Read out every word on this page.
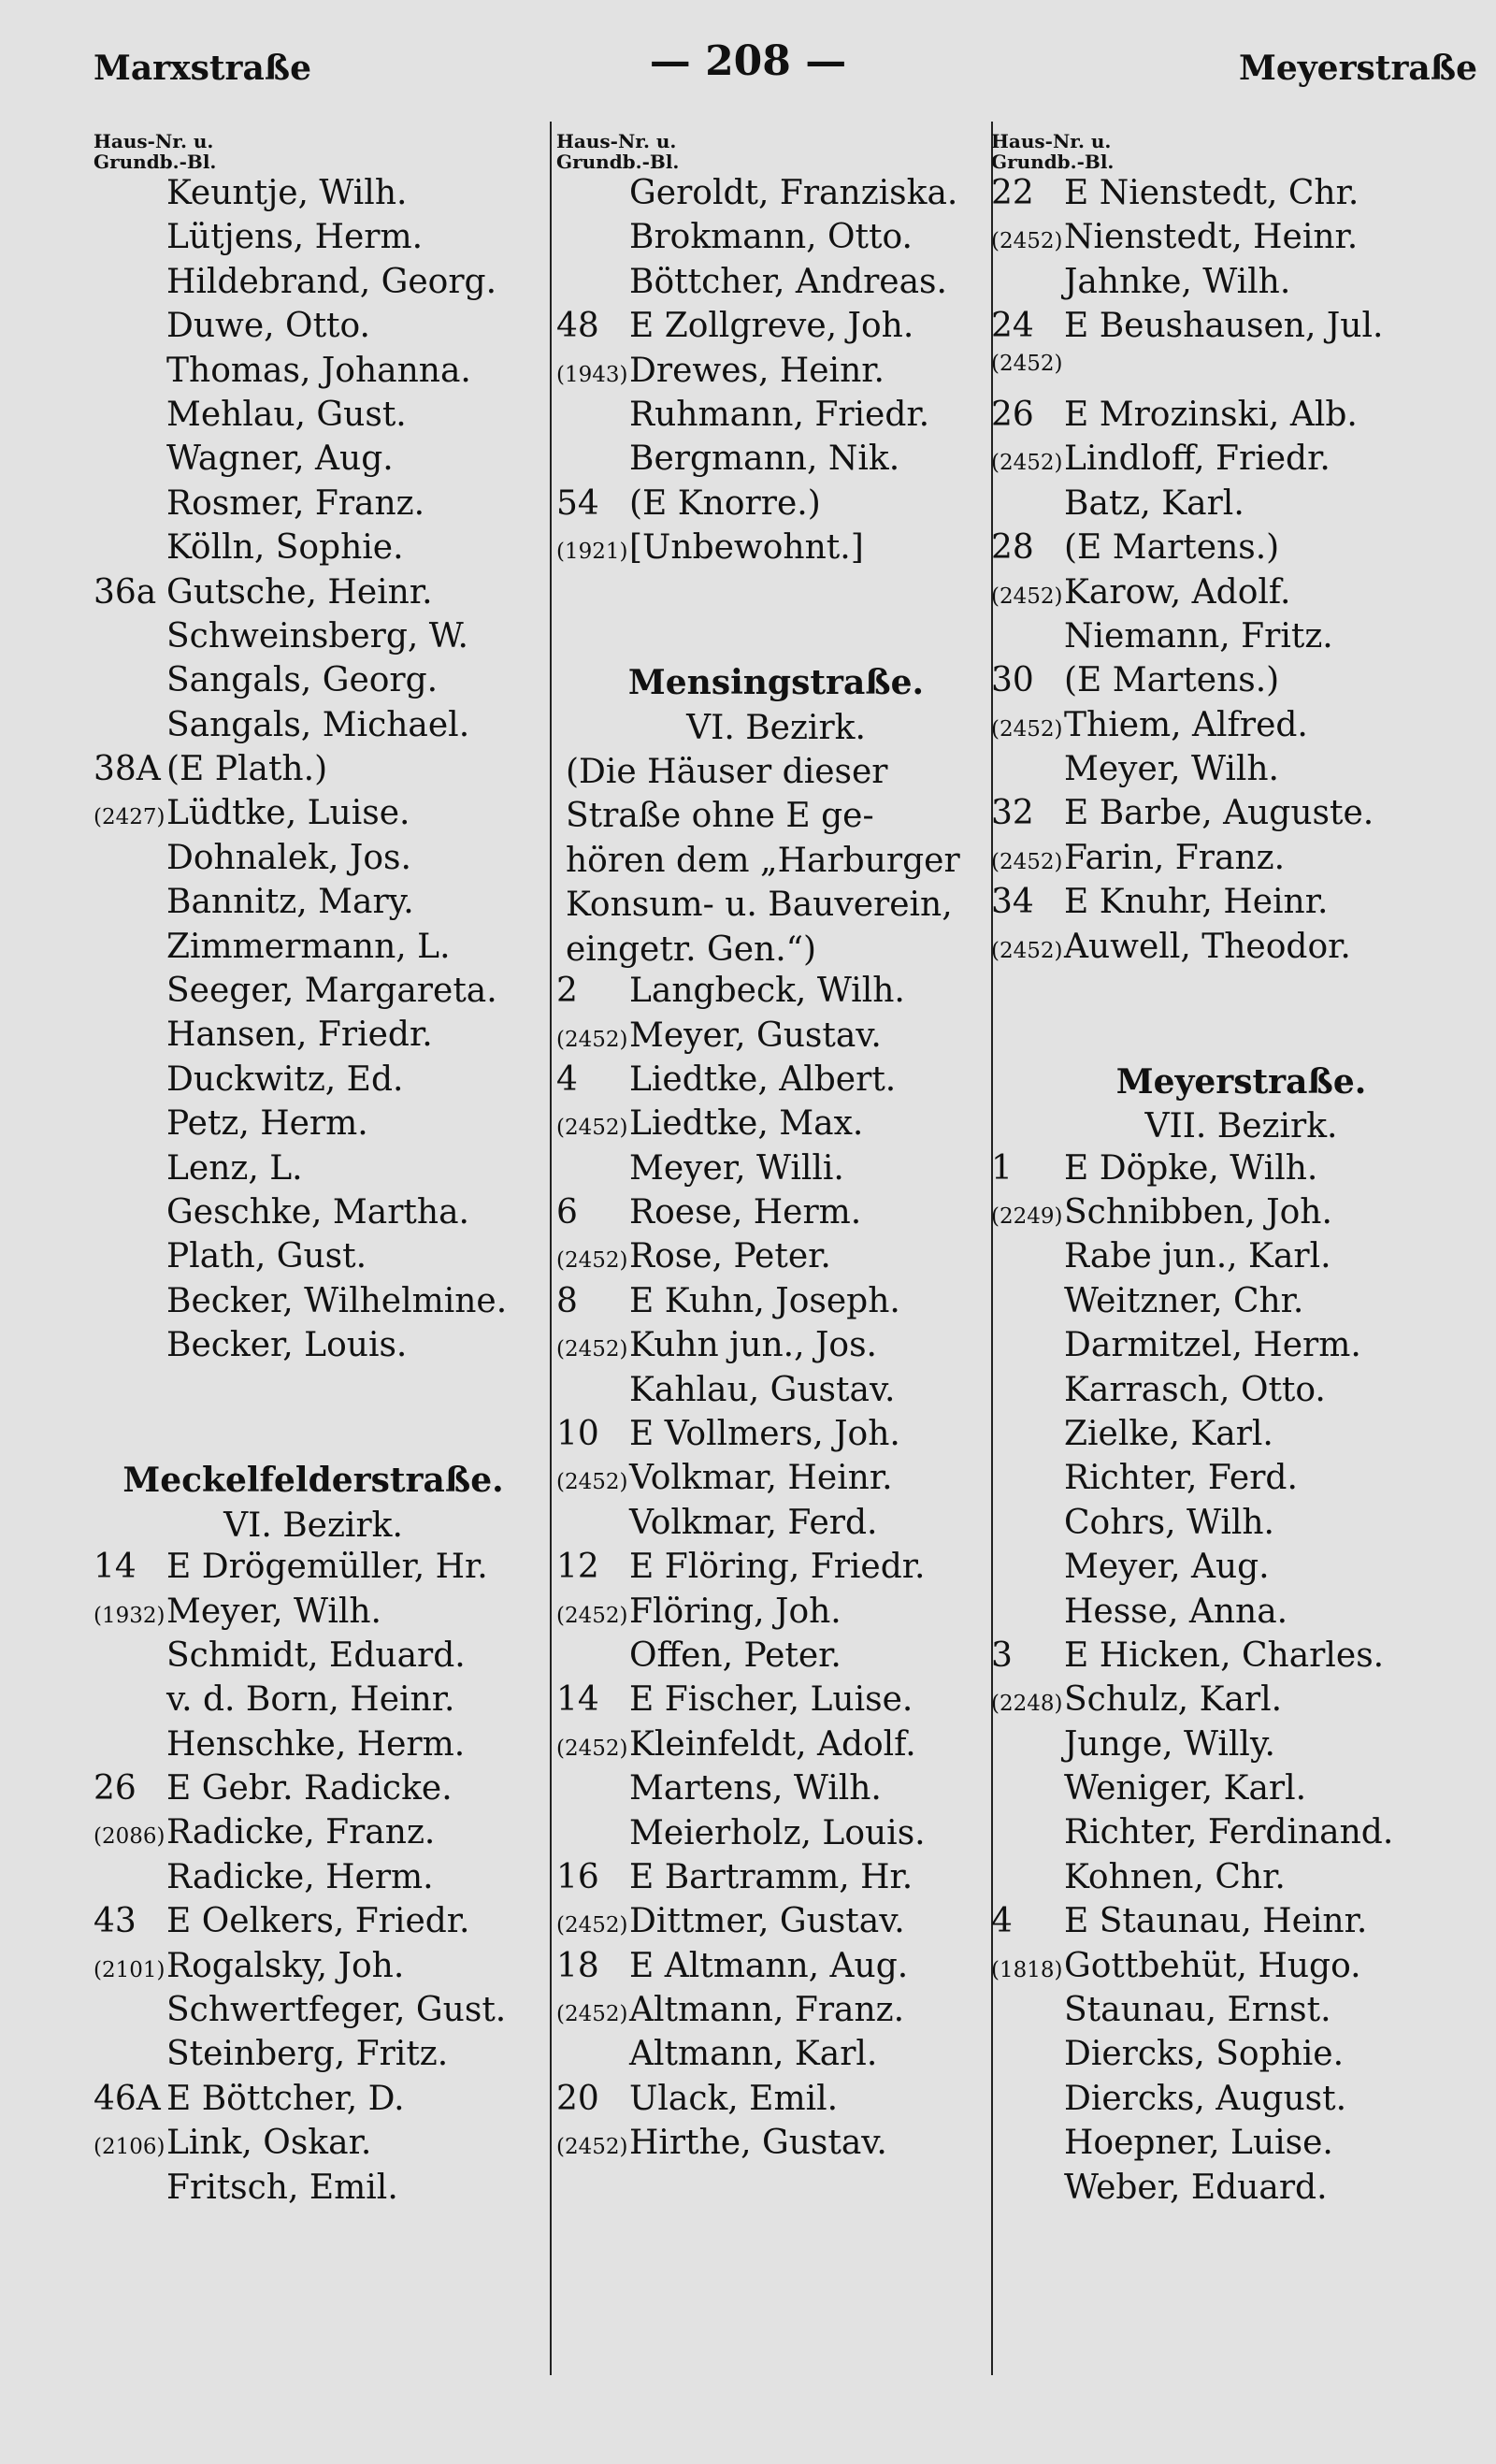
Marxstraße	— 208 —	Meyerstraße
Haus-Nr. u.
Grundb.-Bl.
Keuntje, Wilh.
Lütjens, Herm.
Hildebrand, Georg.
Duwe, Otto.
Thomas, Johanna.
Mehlau, Gust.
Wagner, Aug.
Rosmer, Franz.
Kölln, Sophie.
36a Gutsche, Heinr.
Schweinsberg, W.
Sangals, Georg.
Sangals, Michael.
38A (E Plath.)
(2427) Lüdtke, Luise.
Dohnalek, Jos.
Bannitz, Mary.
Zimmermann, L.
Seeger, Margareta.
Hansen, Friedr.
Duckwitz, Ed.
Petz, Herm.
Lenz, L.
Geschke, Martha.
Plath, Gust.
Becker, Wilhelmine.
Becker, Louis.
Meckelfelderstraße.
VI. Bezirk.
14 E Drögemüller, Hr.
(1932) Meyer, Wilh.
Schmidt, Eduard.
v. d. Born, Heinr.
Henschke, Herm.
26 E Gebr. Radicke.
(2086) Radicke, Franz.
Radicke, Herm.
43 E Oelkers, Friedr.
(2101) Rogalsky, Joh.
Schwertfeger, Gust.
Steinberg, Fritz.
46A E Böttcher, D.
(2106) Link, Oskar.
Fritsch, Emil.
Haus-Nr. u.
Grundb.-Bl.
Geroldt, Franziska.
Brokmann, Otto.
Böttcher, Andreas.
48 E Zollgreve, Joh.
(1943) Drewes, Heinr.
Ruhmann, Friedr.
Bergmann, Nik.
54 (E Knorre.)
(1921) [Unbewohnt.]
Mensingstraße.
VI. Bezirk.
(Die Häuser dieser
Straße ohne E ge-
hören dem „Harburger
Konsum- u. Bauverein,
eingetr. Gen.“)
2	Langbeck, Wilh.
(2452) Meyer, Gustav.
4	Liedtke, Albert.
(2452) Liedtke, Max.
Meyer, Willi.
6	Roese, Herm.
(2452) Rose, Peter.
8	E Kuhn, Joseph.
(2452) Kuhn jun., Jos.
Kahlau, Gustav.
10 E Vollmers, Joh.
(2452) Volkmar, Heinr.
Volkmar, Ferd.
12 E Flöring, Friedr.
(2452) Flöring, Joh.
Offen, Peter.
14 E Fischer, Luise.
(2452) Kleinfeldt, Adolf.
Martens, Wilh.
Meierholz, Louis.
16 E Bartramm, Hr.
(2452) Dittmer, Gustav.
18 E Altmann, Aug.
(2452) Altmann, Franz.
Altmann, Karl.
20 Ulack, Emil.
(2452) Hirthe, Gustav.
Haus-Nr. u.
Grundb.-Bl.
22 E Nienstedt, Chr.
(2452) Nienstedt, Heinr.
Jahnke, Wilh.
24 E Beushausen, Jul.
(2452)
26 E Mrozinski, Alb.
(2452) Lindloff, Friedr.
Batz, Karl.
28 (E Martens.)
(2452) Karow, Adolf.
Niemann, Fritz.
30 (E Martens.)
(2452) Thiem, Alfred.
Meyer, Wilh.
32 E Barbe, Auguste.
(2452) Farin, Franz.
34 E Knuhr, Heinr.
(2452) Auwell, Theodor.
Meyerstraße.
VII. Bezirk.
1	E Döpke, Wilh.
(2249) Schnibben, Joh.
Rabe jun., Karl.
Weitzner, Chr.
Darmitzel, Herm.
Karrasch, Otto.
Zielke, Karl.
Richter, Ferd.
Cohrs, Wilh.
Meyer, Aug.
Hesse, Anna.
3	E Hicken, Charles.
(2248) Schulz, Karl.
Junge, Willy.
Weniger, Karl.
Richter, Ferdinand.
Kohnen, Chr.
4	E Staunau, Heinr.
(1818) Gottbehüt, Hugo.
Staunau, Ernst.
Diercks, Sophie.
Diercks, August.
Hoepner, Luise.
Weber, Eduard.
